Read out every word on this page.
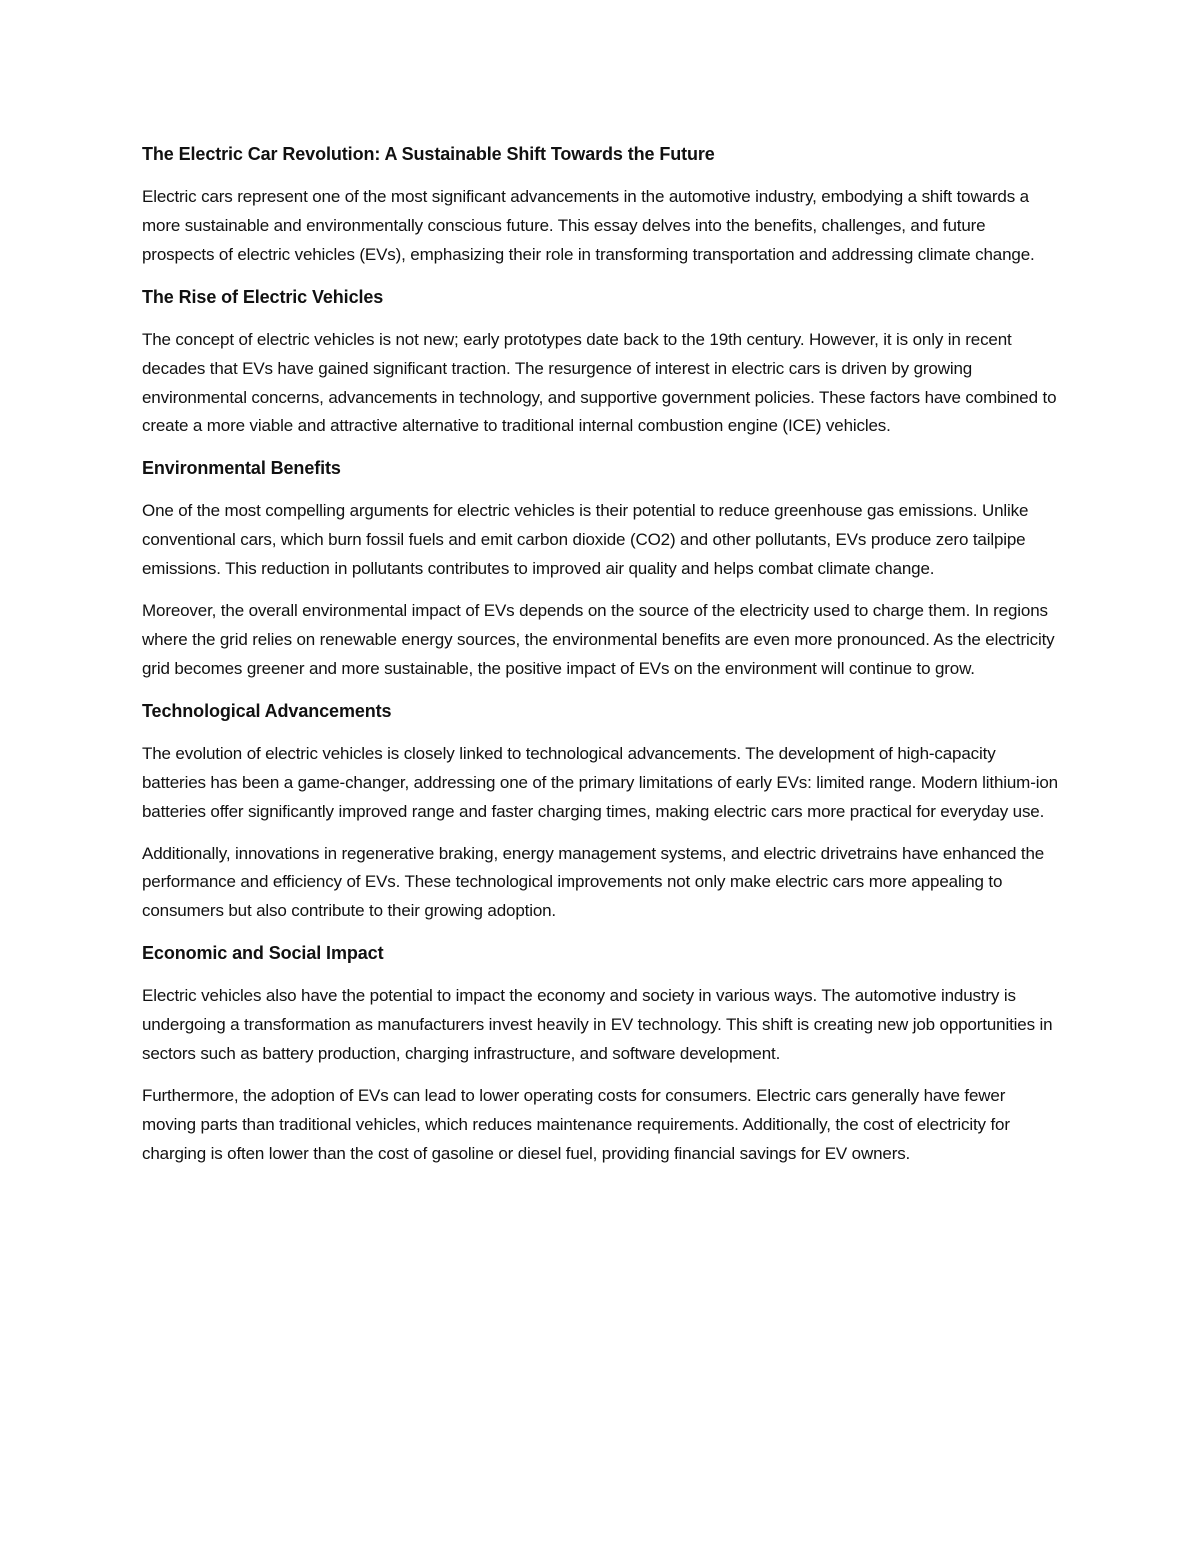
The Electric Car Revolution: A Sustainable Shift Towards the Future

Electric cars represent one of the most significant advancements in the automotive industry, embodying a shift towards a more sustainable and environmentally conscious future. This essay delves into the benefits, challenges, and future prospects of electric vehicles (EVs), emphasizing their role in transforming transportation and addressing climate change.

The Rise of Electric Vehicles

The concept of electric vehicles is not new; early prototypes date back to the 19th century. However, it is only in recent decades that EVs have gained significant traction. The resurgence of interest in electric cars is driven by growing environmental concerns, advancements in technology, and supportive government policies. These factors have combined to create a more viable and attractive alternative to traditional internal combustion engine (ICE) vehicles.

Environmental Benefits

One of the most compelling arguments for electric vehicles is their potential to reduce greenhouse gas emissions. Unlike conventional cars, which burn fossil fuels and emit carbon dioxide (CO2) and other pollutants, EVs produce zero tailpipe emissions. This reduction in pollutants contributes to improved air quality and helps combat climate change.

Moreover, the overall environmental impact of EVs depends on the source of the electricity used to charge them. In regions where the grid relies on renewable energy sources, the environmental benefits are even more pronounced. As the electricity grid becomes greener and more sustainable, the positive impact of EVs on the environment will continue to grow.

Technological Advancements

The evolution of electric vehicles is closely linked to technological advancements. The development of high-capacity batteries has been a game-changer, addressing one of the primary limitations of early EVs: limited range. Modern lithium-ion batteries offer significantly improved range and faster charging times, making electric cars more practical for everyday use.

Additionally, innovations in regenerative braking, energy management systems, and electric drivetrains have enhanced the performance and efficiency of EVs. These technological improvements not only make electric cars more appealing to consumers but also contribute to their growing adoption.

Economic and Social Impact

Electric vehicles also have the potential to impact the economy and society in various ways. The automotive industry is undergoing a transformation as manufacturers invest heavily in EV technology. This shift is creating new job opportunities in sectors such as battery production, charging infrastructure, and software development.

Furthermore, the adoption of EVs can lead to lower operating costs for consumers. Electric cars generally have fewer moving parts than traditional vehicles, which reduces maintenance requirements. Additionally, the cost of electricity for charging is often lower than the cost of gasoline or diesel fuel, providing financial savings for EV owners.
